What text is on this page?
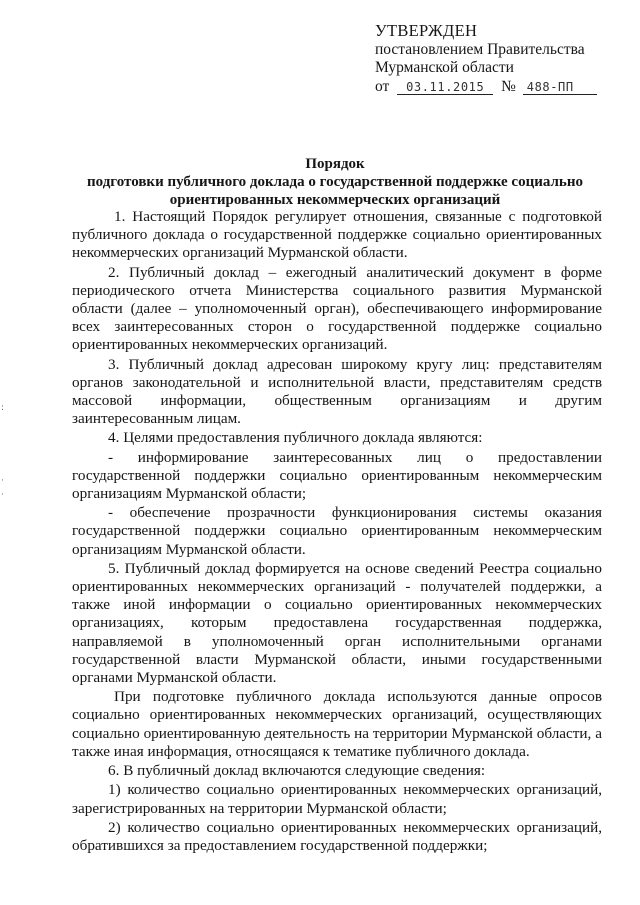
УТВЕРЖДЕН
постановлением Правительства
Мурманской области
от 03.11.2015 № 488-ПП
Порядок
подготовки публичного доклада о государственной поддержке социально
ориентированных некоммерческих организаций

1. Настоящий Порядок регулирует отношения, связанные с подготовкой публичного доклада о государственной поддержке социально ориентированных некоммерческих организаций Мурманской области.

2. Публичный доклад – ежегодный аналитический документ в форме периодического отчета Министерства социального развития Мурманской области (далее – уполномоченный орган), обеспечивающего информирование всех заинтересованных сторон о государственной поддержке социально ориентированных некоммерческих организаций.

3. Публичный доклад адресован широкому кругу лиц: представителям органов законодательной и исполнительной власти, представителям средств массовой информации, общественным организациям и другим заинтересованным лицам.

4. Целями предоставления публичного доклада являются:

- информирование заинтересованных лиц о предоставлении государственной поддержки социально ориентированным некоммерческим организациям Мурманской области;

- обеспечение прозрачности функционирования системы оказания государственной поддержки социально ориентированным некоммерческим организациям Мурманской области.

5. Публичный доклад формируется на основе сведений Реестра социально ориентированных некоммерческих организаций - получателей поддержки, а также иной информации о социально ориентированных некоммерческих организациях, которым предоставлена государственная поддержка, направляемой в уполномоченный орган исполнительными органами государственной власти Мурманской области, иными государственными органами Мурманской области.

При подготовке публичного доклада используются данные опросов социально ориентированных некоммерческих организаций, осуществляющих социально ориентированную деятельность на территории Мурманской области, а также иная информация, относящаяся к тематике публичного доклада.

6. В публичный доклад включаются следующие сведения:

1) количество социально ориентированных некоммерческих организаций, зарегистрированных на территории Мурманской области;

2) количество социально ориентированных некоммерческих организаций, обратившихся за предоставлением государственной поддержки;

:
·
·
